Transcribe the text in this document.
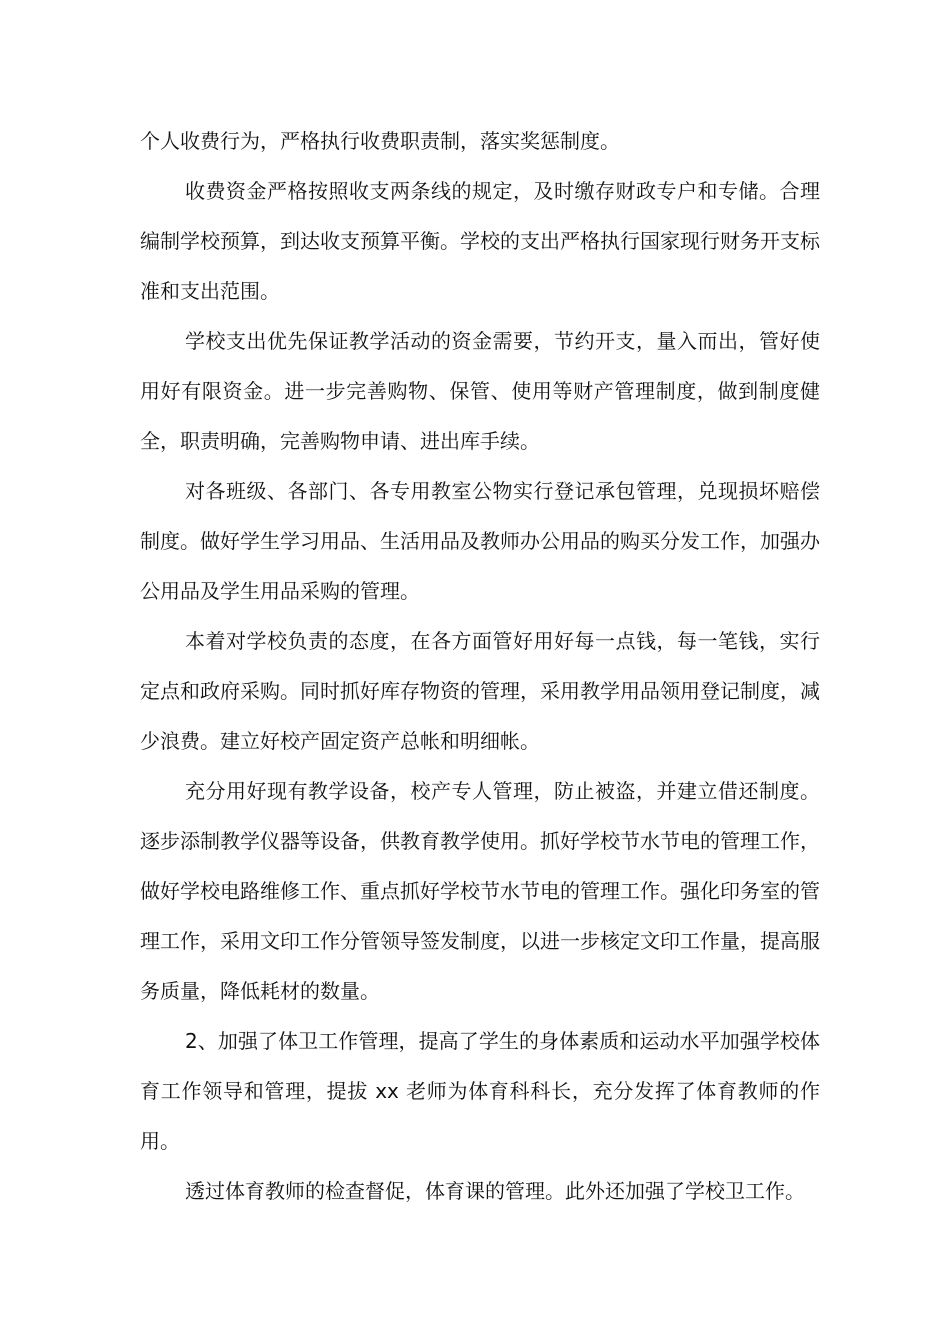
个人收费行为，严格执行收费职责制，落实奖惩制度。

收费资金严格按照收支两条线的规定，及时缴存财政专户和专储。合理编制学校预算，到达收支预算平衡。学校的支出严格执行国家现行财务开支标准和支出范围。

学校支出优先保证教学活动的资金需要，节约开支，量入而出，管好使用好有限资金。进一步完善购物、保管、使用等财产管理制度，做到制度健全，职责明确，完善购物申请、进出库手续。

对各班级、各部门、各专用教室公物实行登记承包管理，兑现损坏赔偿制度。做好学生学习用品、生活用品及教师办公用品的购买分发工作，加强办公用品及学生用品采购的管理。

本着对学校负责的态度，在各方面管好用好每一点钱，每一笔钱，实行定点和政府采购。同时抓好库存物资的管理，采用教学用品领用登记制度，减少浪费。建立好校产固定资产总帐和明细帐。

充分用好现有教学设备，校产专人管理，防止被盗，并建立借还制度。逐步添制教学仪器等设备，供教育教学使用。抓好学校节水节电的管理工作，做好学校电路维修工作、重点抓好学校节水节电的管理工作。强化印务室的管理工作，采用文印工作分管领导签发制度，以进一步核定文印工作量，提高服务质量，降低耗材的数量。

2、加强了体卫工作管理，提高了学生的身体素质和运动水平加强学校体育工作领导和管理，提拔 xx 老师为体育科科长，充分发挥了体育教师的作用。

透过体育教师的检查督促，体育课的管理。此外还加强了学校卫工作。
